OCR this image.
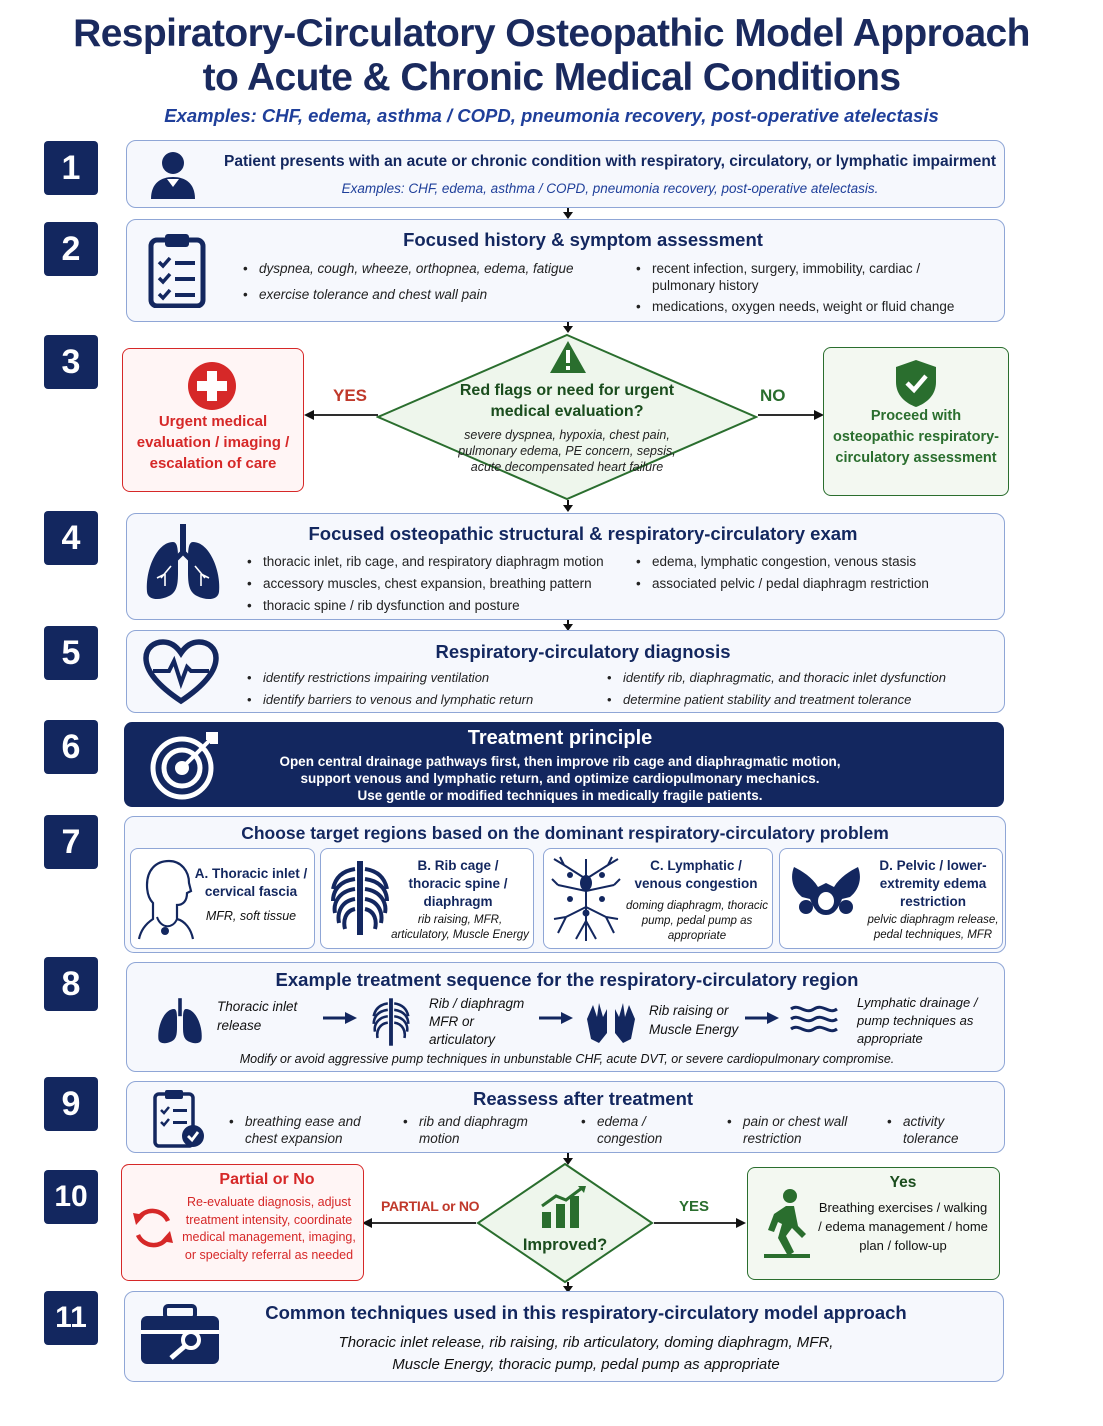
Respiratory-Circulatory Osteopathic Model Approach
to Acute & Chronic Medical Conditions
Examples: CHF, edema, asthma / COPD, pneumonia recovery, post-operative atelectasis
1
2
3
4
5
6
7
8
9
10
11
Patient presents with an acute or chronic condition with respiratory, circulatory, or lymphatic impairment
Examples: CHF, edema, asthma / COPD, pneumonia recovery, post-operative atelectasis.
Focused history & symptom assessment
• dyspnea, cough, wheeze, orthopnea, edema, fatigue
• exercise tolerance and chest wall pain
• recent infection, surgery, immobility, cardiac / pulmonary history
• medications, oxygen needs, weight or fluid change
Red flags or need for urgent medical evaluation?
severe dyspnea, hypoxia, chest pain, pulmonary edema, PE concern, sepsis, acute decompensated heart failure
YES	NO
Urgent medical evaluation / imaging / escalation of care
Proceed with osteopathic respiratory-circulatory assessment
Focused osteopathic structural & respiratory-circulatory exam
• thoracic inlet, rib cage, and respiratory diaphragm motion
• accessory muscles, chest expansion, breathing pattern
• thoracic spine / rib dysfunction and posture
• edema, lymphatic congestion, venous stasis
• associated pelvic / pedal diaphragm restriction
Respiratory-circulatory diagnosis
• identify restrictions impairing ventilation
• identify barriers to venous and lymphatic return
• identify rib, diaphragmatic, and thoracic inlet dysfunction
• determine patient stability and treatment tolerance
Treatment principle
Open central drainage pathways first, then improve rib cage and diaphragmatic motion,
support venous and lymphatic return, and optimize cardiopulmonary mechanics.
Use gentle or modified techniques in medically fragile patients.
Choose target regions based on the dominant respiratory-circulatory problem
A. Thoracic inlet / cervical fascia
MFR, soft tissue
B. Rib cage / thoracic spine / diaphragm
rib raising, MFR, articulatory, Muscle Energy
C. Lymphatic / venous congestion
doming diaphragm, thoracic pump, pedal pump as appropriate
D. Pelvic / lower-extremity edema restriction
pelvic diaphragm release, pedal techniques, MFR
Example treatment sequence for the respiratory-circulatory region
Thoracic inlet release
Rib / diaphragm MFR or articulatory
Rib raising or Muscle Energy
Lymphatic drainage / pump techniques as appropriate
Modify or avoid aggressive pump techniques in unbunstable CHF, acute DVT, or severe cardiopulmonary compromise.
Reassess after treatment
• breathing ease and chest expansion
• rib and diaphragm motion
• edema / congestion
• pain or chest wall restriction
• activity tolerance
Improved?
PARTIAL or NO	YES
Partial or No
Re-evaluate diagnosis, adjust treatment intensity, coordinate medical management, imaging, or specialty referral as needed
Yes
Breathing exercises / walking / edema management / home plan / follow-up
Common techniques used in this respiratory-circulatory model approach
Thoracic inlet release, rib raising, rib articulatory, doming diaphragm, MFR,
Muscle Energy, thoracic pump, pedal pump as appropriate
